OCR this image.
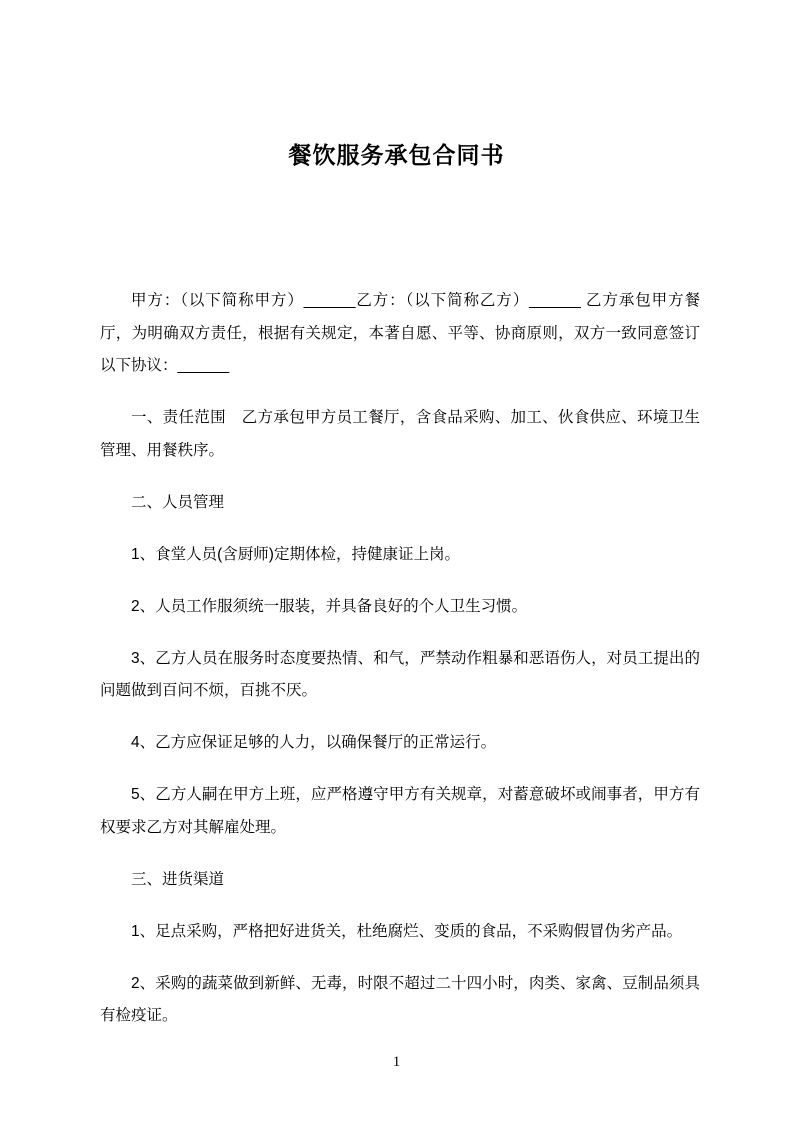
餐饮服务承包合同书

甲方：（以下简称甲方）______乙方：（以下简称乙方）______ 乙方承包甲方餐厅，为明确双方责任，根据有关规定，本著自愿、平等、协商原则，双方一致同意签订以下协议：______

一、责任范围　乙方承包甲方员工餐厅，含食品采购、加工、伙食供应、环境卫生管理、用餐秩序。

二、人员管理

1、食堂人员(含厨师)定期体检，持健康证上岗。

2、人员工作服须统一服装，并具备良好的个人卫生习惯。

3、乙方人员在服务时态度要热情、和气，严禁动作粗暴和恶语伤人，对员工提出的问题做到百问不烦，百挑不厌。

4、乙方应保证足够的人力，以确保餐厅的正常运行。

5、乙方人嗣在甲方上班，应严格遵守甲方有关规章，对蓄意破坏或闹事者，甲方有权要求乙方对其解雇处理。

三、进货渠道

1、足点采购，严格把好进货关，杜绝腐烂、变质的食品，不采购假冒伪劣产品。

2、采购的蔬菜做到新鲜、无毒，时限不超过二十四小时，肉类、家禽、豆制品须具有检疫证。

1
